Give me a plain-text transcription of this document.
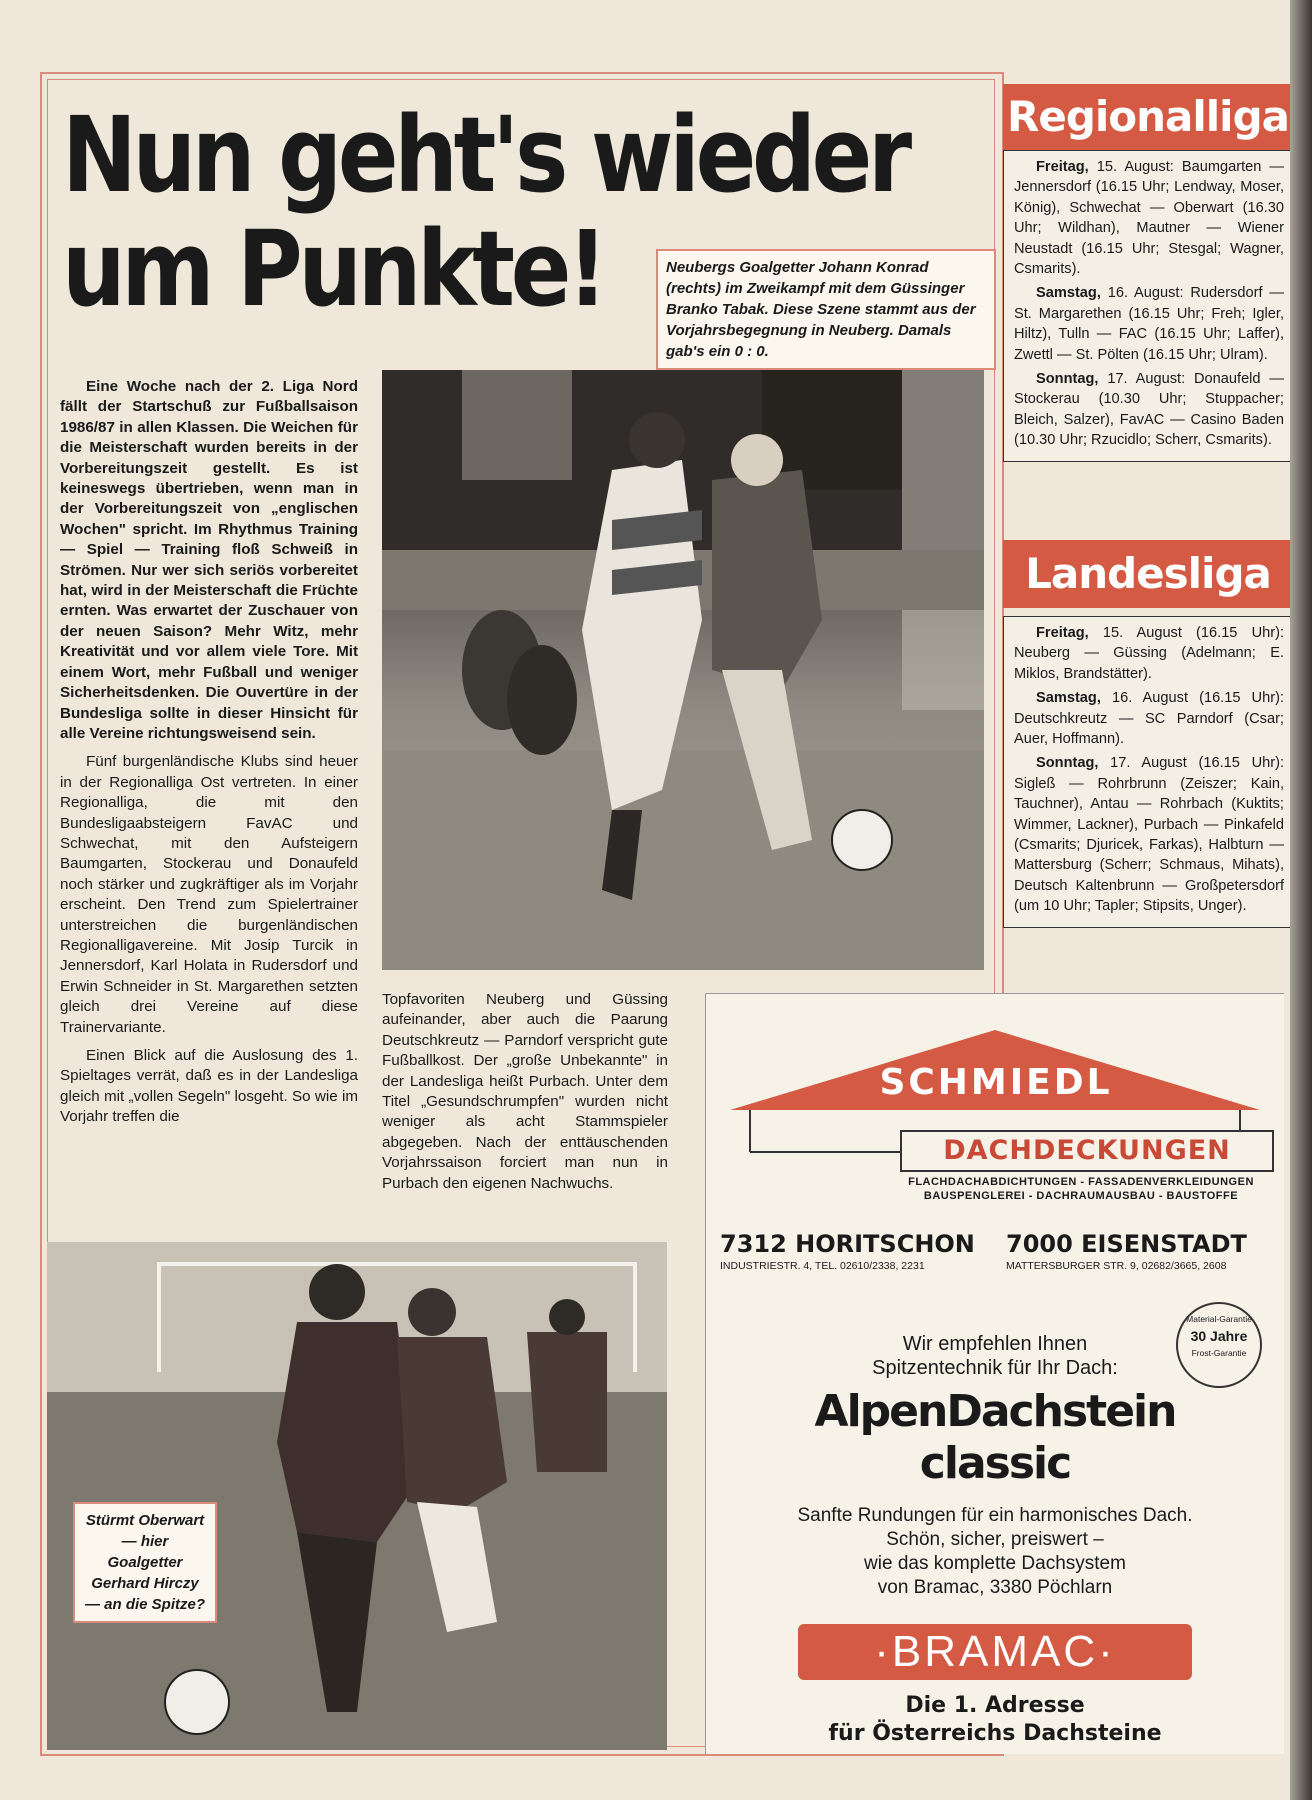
Nun geht's wieder
um Punkte!	Neubergs Goalgetter Johann Konrad (rechts) im Zweikampf mit dem Güssinger Branko Tabak. Diese Szene stammt aus der Vorjahrsbegegnung in Neuberg. Damals gab's ein 0 : 0.

Eine Woche nach der 2. Liga Nord fällt der Startschuß zur Fußballsaison 1986/87 in allen Klassen. Die Weichen für die Meisterschaft wurden bereits in der Vorbereitungszeit gestellt. Es ist keineswegs übertrieben, wenn man in der Vorbereitungszeit von „englischen Wochen" spricht. Im Rhythmus Training — Spiel — Training floß Schweiß in Strömen. Nur wer sich seriös vorbereitet hat, wird in der Meisterschaft die Früchte ernten. Was erwartet der Zuschauer von der neuen Saison? Mehr Witz, mehr Kreativität und vor allem viele Tore. Mit einem Wort, mehr Fußball und weniger Sicherheitsdenken. Die Ouvertüre in der Bundesliga sollte in dieser Hinsicht für alle Vereine richtungsweisend sein.

Fünf burgenländische Klubs sind heuer in der Regionalliga Ost vertreten. In einer Regionalliga, die mit den Bundesligaabsteigern FavAC und Schwechat, mit den Aufsteigern Baumgarten, Stockerau und Donaufeld noch stärker und zugkräftiger als im Vorjahr erscheint. Den Trend zum Spielertrainer unterstreichen die burgenländischen Regionalligavereine. Mit Josip Turcik in Jennersdorf, Karl Holata in Rudersdorf und Erwin Schneider in St. Margarethen setzten gleich drei Vereine auf diese Trainervariante.

Einen Blick auf die Auslosung des 1. Spieltages verrät, daß es in der Landesliga gleich mit „vollen Segeln" losgeht. So wie im Vorjahr treffen die

Topfavoriten Neuberg und Güssing aufeinander, aber auch die Paarung Deutschkreutz — Parndorf verspricht gute Fußballkost. Der „große Unbekannte" in der Landesliga heißt Purbach. Unter dem Titel „Gesundschrumpfen" wurden nicht weniger als acht Stammspieler abgegeben. Nach der enttäuschenden Vorjahrssaison forciert man nun in Purbach den eigenen Nachwuchs.

Stürmt Oberwart — hier Goalgetter Gerhard Hirczy — an die Spitze?
Regionalliga

Freitag, 15. August: Baumgarten — Jennersdorf (16.15 Uhr; Lendway, Moser, König), Schwechat — Oberwart (16.30 Uhr; Wildhan), Mautner — Wiener Neustadt (16.15 Uhr; Stesgal; Wagner, Csmarits).

Samstag, 16. August: Rudersdorf — St. Margarethen (16.15 Uhr; Freh; Igler, Hiltz), Tulln — FAC (16.15 Uhr; Laffer), Zwettl — St. Pölten (16.15 Uhr; Ulram).

Sonntag, 17. August: Donaufeld — Stockerau (10.30 Uhr; Stuppacher; Bleich, Salzer), FavAC — Casino Baden (10.30 Uhr; Rzucidlo; Scherr, Csmarits).

Landesliga

Freitag, 15. August (16.15 Uhr): Neuberg — Güssing (Adelmann; E. Miklos, Brandstätter).

Samstag, 16. August (16.15 Uhr): Deutschkreutz — SC Parndorf (Csar; Auer, Hoffmann).

Sonntag, 17. August (16.15 Uhr): Sigleß — Rohrbrunn (Zeiszer; Kain, Tauchner), Antau — Rohrbach (Kuktits; Wimmer, Lackner), Purbach — Pinkafeld (Csmarits; Djuricek, Farkas), Halbturn — Mattersburg (Scherr; Schmaus, Mihats), Deutsch Kaltenbrunn — Großpetersdorf (um 10 Uhr; Tapler; Stipsits, Unger).

SCHMIEDL
DACHDECKUNGEN
FLACHDACHABDICHTUNGEN - FASSADENVERKLEIDUNGEN
BAUSPENGLEREI - DACHRAUMAUSBAU - BAUSTOFFE
7312 HORITSCHON
INDUSTRIESTR. 4, TEL. 02610/2338, 2231
7000 EISENSTADT
MATTERSBURGER STR. 9, 02682/3665, 2608
Material-Garantie
30 Jahre
Frost-Garantie
Wir empfehlen Ihnen
Spitzentechnik für Ihr Dach:
AlpenDachstein
classic
Sanfte Rundungen für ein harmonisches Dach.
Schön, sicher, preiswert –
wie das komplette Dachsystem
von Bramac, 3380 Pöchlarn
·BRAMAC·
Die 1. Adresse
für Österreichs Dachsteine
